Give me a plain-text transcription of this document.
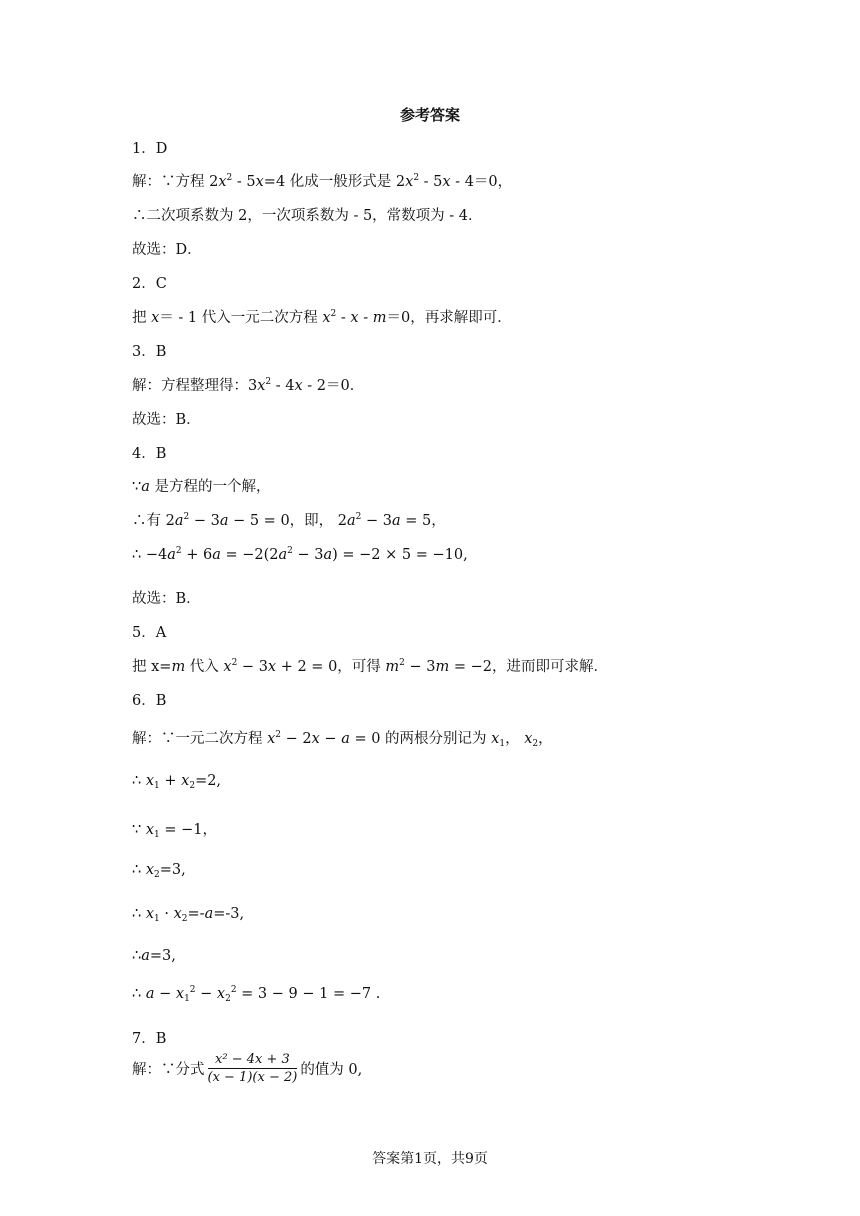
参考答案
1．D
解：∵方程 $2x^2 - 5x=4$ 化成一般形式是 $2x^2 - 5x - 4=0$，
∴二次项系数为 2，一次项系数为 - 5，常数项为 - 4．
故选：D．
2．C
把 x＝ - 1 代入一元二次方程 $x^2 - x - m=0$，再求解即可．
3．B
解：方程整理得：$3x^2 - 4x - 2=0$．
故选：B．
4．B
∵a 是方程的一个解，
∴有 $2a^2 - 3a - 5 = 0$，即， $2a^2 - 3a = 5$，
∴ $-4a^2 + 6a = -2(2a^2 - 3a) = -2 \times 5 = -10$,
故选：B．
5．A
把 x=m 代入 $x^2 - 3x + 2 = 0$，可得 $m^2 - 3m = -2$，进而即可求解．
6．B
解：∵一元二次方程 $x^2 - 2x - a = 0$ 的两根分别记为 $x_1$， $x_2$，
∴ $x_1 + x_2=2$,
∵ $x_1 = -1$，
∴ $x_2=3$,
∴ $x_1 \cdot x_2=-a=-3$,
∴a=3,
∴ $a - x_1^2 - x_2^2 = 3 - 9 - 1 = -7$ .
7．B
解：∵分式 $\frac{\text{x² − 4x + 3}}{(x - 1)(x - 2)}$ 的值为 0,
答案第1页，共9页
